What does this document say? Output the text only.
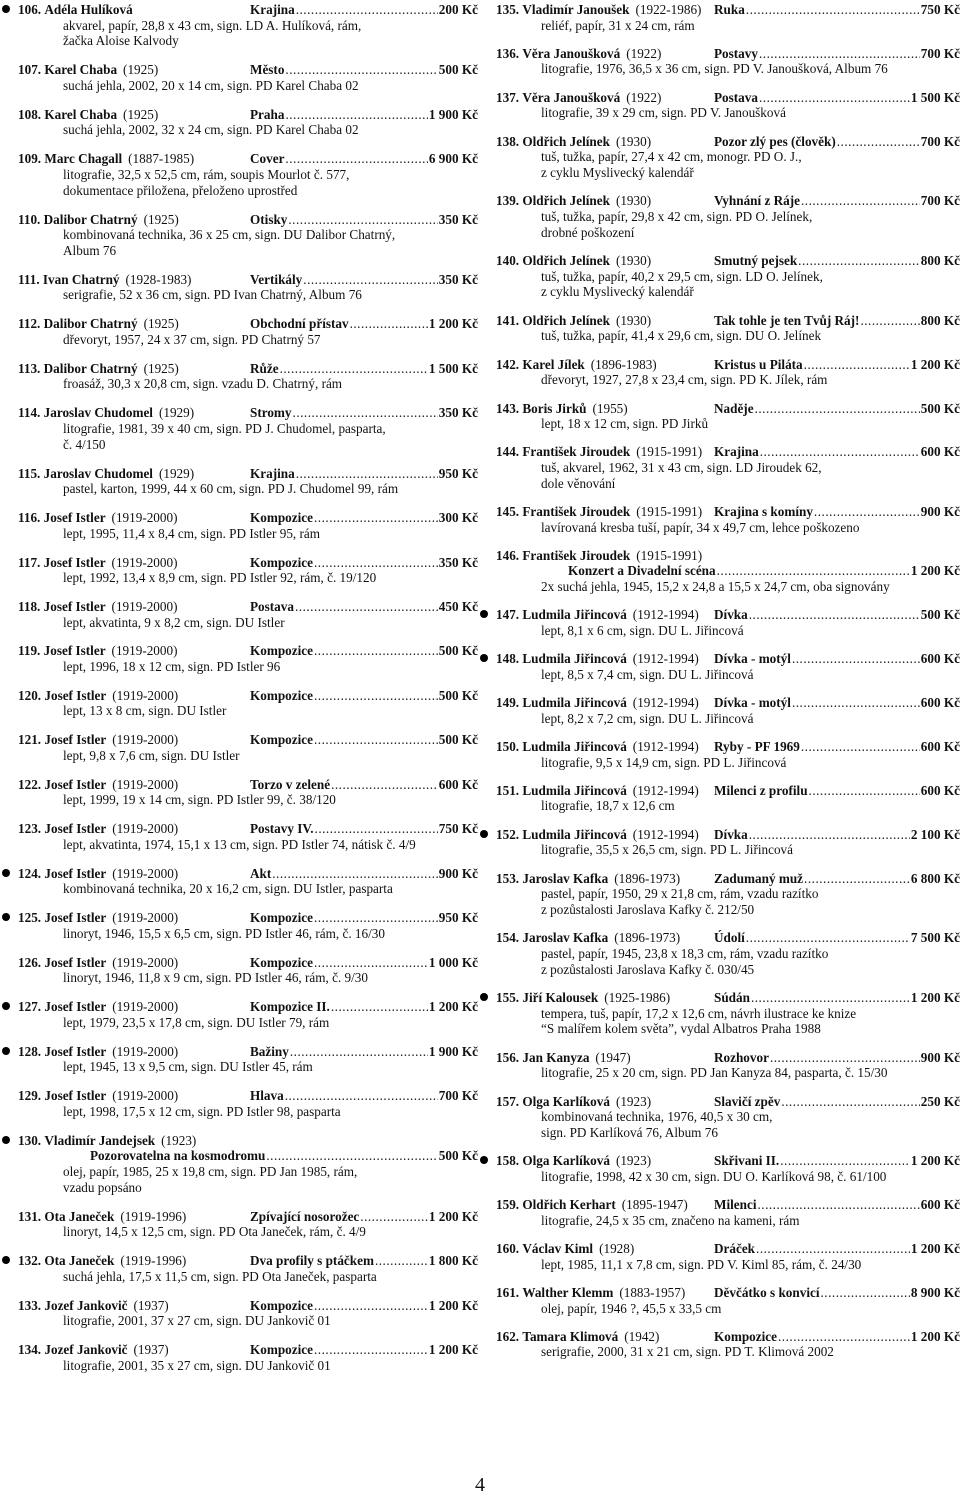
106. Adéla Hulíková	Krajina .....	200 Kč
akvarel, papír, 28,8 x 43 cm, sign. LD A. Hulíková, rám,
žačka Aloise Kalvody
107. Karel Chaba (1925)	Město .....	500 Kč
suchá jehla, 2002, 20 x 14 cm, sign. PD Karel Chaba 02
108. Karel Chaba (1925)	Praha .....	1 900 Kč
suchá jehla, 2002, 32 x 24 cm, sign. PD Karel Chaba 02
109. Marc Chagall (1887-1985)	Cover .....	6 900 Kč
litografie, 32,5 x 52,5 cm, rám, soupis Mourlot č. 577,
dokumentace přiložena, přeloženo uprostřed
110. Dalibor Chatrný (1925)	Otisky .....	350 Kč
kombinovaná technika, 36 x 25 cm, sign. DU Dalibor Chatrný,
Album 76
111. Ivan Chatrný (1928-1983)	Vertikály .....	350 Kč
serigrafie, 52 x 36 cm, sign. PD Ivan Chatrný, Album 76
112. Dalibor Chatrný (1925)	Obchodní přístav .....	1 200 Kč
dřevoryt, 1957, 24 x 37 cm, sign. PD Chatrný 57
113. Dalibor Chatrný (1925)	Růže .....	1 500 Kč
froasáž, 30,3 x 20,8 cm, sign. vzadu D. Chatrný, rám
114. Jaroslav Chudomel (1929)	Stromy .....	350 Kč
litografie, 1981, 39 x 40 cm, sign. PD J. Chudomel, pasparta,
č. 4/150
115. Jaroslav Chudomel (1929)	Krajina .....	950 Kč
pastel, karton, 1999, 44 x 60 cm, sign. PD J. Chudomel 99, rám
116. Josef Istler (1919-2000)	Kompozice .....	300 Kč
lept, 1995, 11,4 x 8,4 cm, sign. PD Istler 95, rám
117. Josef Istler (1919-2000)	Kompozice .....	350 Kč
lept, 1992, 13,4 x 8,9 cm, sign. PD Istler 92, rám, č. 19/120
118. Josef Istler (1919-2000)	Postava .....	450 Kč
lept, akvatinta, 9 x 8,2 cm, sign. DU Istler
119. Josef Istler (1919-2000)	Kompozice .....	500 Kč
lept, 1996, 18 x 12 cm, sign. PD Istler 96
120. Josef Istler (1919-2000)	Kompozice .....	500 Kč
lept, 13 x 8 cm, sign. DU Istler
121. Josef Istler (1919-2000)	Kompozice .....	500 Kč
lept, 9,8 x 7,6 cm, sign. DU Istler
122. Josef Istler (1919-2000)	Torzo v zelené .....	600 Kč
lept, 1999, 19 x 14 cm, sign. PD Istler 99, č. 38/120
123. Josef Istler (1919-2000)	Postavy IV. .....	750 Kč
lept, akvatinta, 1974, 15,1 x 13 cm, sign. PD Istler 74, nátisk č. 4/9
124. Josef Istler (1919-2000)	Akt .....	900 Kč
kombinovaná technika, 20 x 16,2 cm, sign. DU Istler, pasparta
125. Josef Istler (1919-2000)	Kompozice .....	950 Kč
linoryt, 1946, 15,5 x 6,5 cm, sign. PD Istler 46, rám, č. 16/30
126. Josef Istler (1919-2000)	Kompozice .....	1 000 Kč
linoryt, 1946, 11,8 x 9 cm, sign. PD Istler 46, rám, č. 9/30
127. Josef Istler (1919-2000)	Kompozice II. .....	1 200 Kč
lept, 1979, 23,5 x 17,8 cm, sign. DU Istler 79, rám
128. Josef Istler (1919-2000)	Bažiny .....	1 900 Kč
lept, 1945, 13 x 9,5 cm, sign. DU Istler 45, rám
129. Josef Istler (1919-2000)	Hlava .....	700 Kč
lept, 1998, 17,5 x 12 cm, sign. PD Istler 98, pasparta
130. Vladimír Jandejsek (1923)
Pozorovatelna na kosmodromu .....	500 Kč
olej, papír, 1985, 25 x 19,8 cm, sign. PD Jan 1985, rám,
vzadu popsáno
131. Ota Janeček (1919-1996)	Zpívající nosorožec .....	1 200 Kč
linoryt, 14,5 x 12,5 cm, sign. PD Ota Janeček, rám, č. 4/9
132. Ota Janeček (1919-1996)	Dva profily s ptáčkem .....	1 800 Kč
suchá jehla, 17,5 x 11,5 cm, sign. PD Ota Janeček, pasparta
133. Jozef Jankovič (1937)	Kompozice .....	1 200 Kč
litografie, 2001, 37 x 27 cm, sign. DU Jankovič 01
134. Jozef Jankovič (1937)	Kompozice .....	1 200 Kč
litografie, 2001, 35 x 27 cm, sign. DU Jankovič 01
135. Vladimír Janoušek (1922-1986) Ruka .....	750 Kč
reliéf, papír, 31 x 24 cm, rám
136. Věra Janoušková (1922)	Postavy .....	700 Kč
litografie, 1976, 36,5 x 36 cm, sign. PD V. Janoušková, Album 76
137. Věra Janoušková (1922)	Postava .....	1 500 Kč
litografie, 39 x 29 cm, sign. PD V. Janoušková
138. Oldřich Jelínek (1930)	Pozor zlý pes (člověk) .....	700 Kč
tuš, tužka, papír, 27,4 x 42 cm, monogr. PD O. J.,
z cyklu Myslivecký kalendář
139. Oldřich Jelínek (1930)	Vyhnání z Ráje .....	700 Kč
tuš, tužka, papír, 29,8 x 42 cm, sign. PD O. Jelínek,
drobné poškození
140. Oldřich Jelínek (1930)	Smutný pejsek .....	800 Kč
tuš, tužka, papír, 40,2 x 29,5 cm, sign. LD O. Jelínek,
z cyklu Myslivecký kalendář
141. Oldřich Jelínek (1930)	Tak tohle je ten Tvůj Ráj! .....	800 Kč
tuš, tužka, papír, 41,4 x 29,6 cm, sign. DU O. Jelínek
142. Karel Jílek (1896-1983)	Kristus u Piláta .....	1 200 Kč
dřevoryt, 1927, 27,8 x 23,4 cm, sign. PD K. Jílek, rám
143. Boris Jirků (1955)	Naděje .....	500 Kč
lept, 18 x 12 cm, sign. PD Jirků
144. František Jiroudek (1915-1991) Krajina .....	600 Kč
tuš, akvarel, 1962, 31 x 43 cm, sign. LD Jiroudek 62,
dole věnování
145. František Jiroudek (1915-1991) Krajina s komíny .....	900 Kč
lavírovaná kresba tuší, papír, 34 x 49,7 cm, lehce poškozeno
146. František Jiroudek (1915-1991)
Konzert a Divadelní scéna .....	1 200 Kč
2x suchá jehla, 1945, 15,2 x 24,8 a 15,5 x 24,7 cm, oba signovány
147. Ludmila Jiřincová (1912-1994)	Dívka .....	500 Kč
lept, 8,1 x 6 cm, sign. DU L. Jiřincová
148. Ludmila Jiřincová (1912-1994)	Dívka - motýl .....	600 Kč
lept, 8,5 x 7,4 cm, sign. DU L. Jiřincová
149. Ludmila Jiřincová (1912-1994)	Dívka - motýl .....	600 Kč
lept, 8,2 x 7,2 cm, sign. DU L. Jiřincová
150. Ludmila Jiřincová (1912-1994)	Ryby - PF 1969 .....	600 Kč
litografie, 9,5 x 14,9 cm, sign. PD L. Jiřincová
151. Ludmila Jiřincová (1912-1994)	Milenci z profilu .....	600 Kč
litografie, 18,7 x 12,6 cm
152. Ludmila Jiřincová (1912-1994)	Dívka .....	2 100 Kč
litografie, 35,5 x 26,5 cm, sign. PD L. Jiřincová
153. Jaroslav Kafka (1896-1973)	Zadumaný muž .....	6 800 Kč
pastel, papír, 1950, 29 x 21,8 cm, rám, vzadu razítko
z pozůstalosti Jaroslava Kafky č. 212/50
154. Jaroslav Kafka (1896-1973)	Údolí .....	7 500 Kč
pastel, papír, 1945, 23,8 x 18,3 cm, rám, vzadu razítko
z pozůstalosti Jaroslava Kafky č. 030/45
155. Jiří Kalousek (1925-1986)	Súdán .....	1 200 Kč
tempera, tuš, papír, 17,2 x 12,6 cm, návrh ilustrace ke knize
“S malířem kolem světa”, vydal Albatros Praha 1988
156. Jan Kanyza (1947)	Rozhovor .....	900 Kč
litografie, 25 x 20 cm, sign. PD Jan Kanyza 84, pasparta, č. 15/30
157. Olga Karlíková (1923)	Slavičí zpěv .....	250 Kč
kombinovaná technika, 1976, 40,5 x 30 cm,
sign. PD Karlíková 76, Album 76
158. Olga Karlíková (1923)	Skřivani II. .....	1 200 Kč
litografie, 1998, 42 x 30 cm, sign. DU O. Karlíková 98, č. 61/100
159. Oldřich Kerhart (1895-1947)	Milenci .....	600 Kč
litografie, 24,5 x 35 cm, značeno na kameni, rám
160. Václav Kiml (1928)	Dráček .....	1 200 Kč
lept, 1985, 11,1 x 7,8 cm, sign. PD V. Kiml 85, rám, č. 24/30
161. Walther Klemm (1883-1957)	Děvčátko s konvicí .....	8 900 Kč
olej, papír, 1946 ?, 45,5 x 33,5 cm
162. Tamara Klimová (1942)	Kompozice .....	1 200 Kč
serigrafie, 2000, 31 x 21 cm, sign. PD T. Klimová 2002
4
